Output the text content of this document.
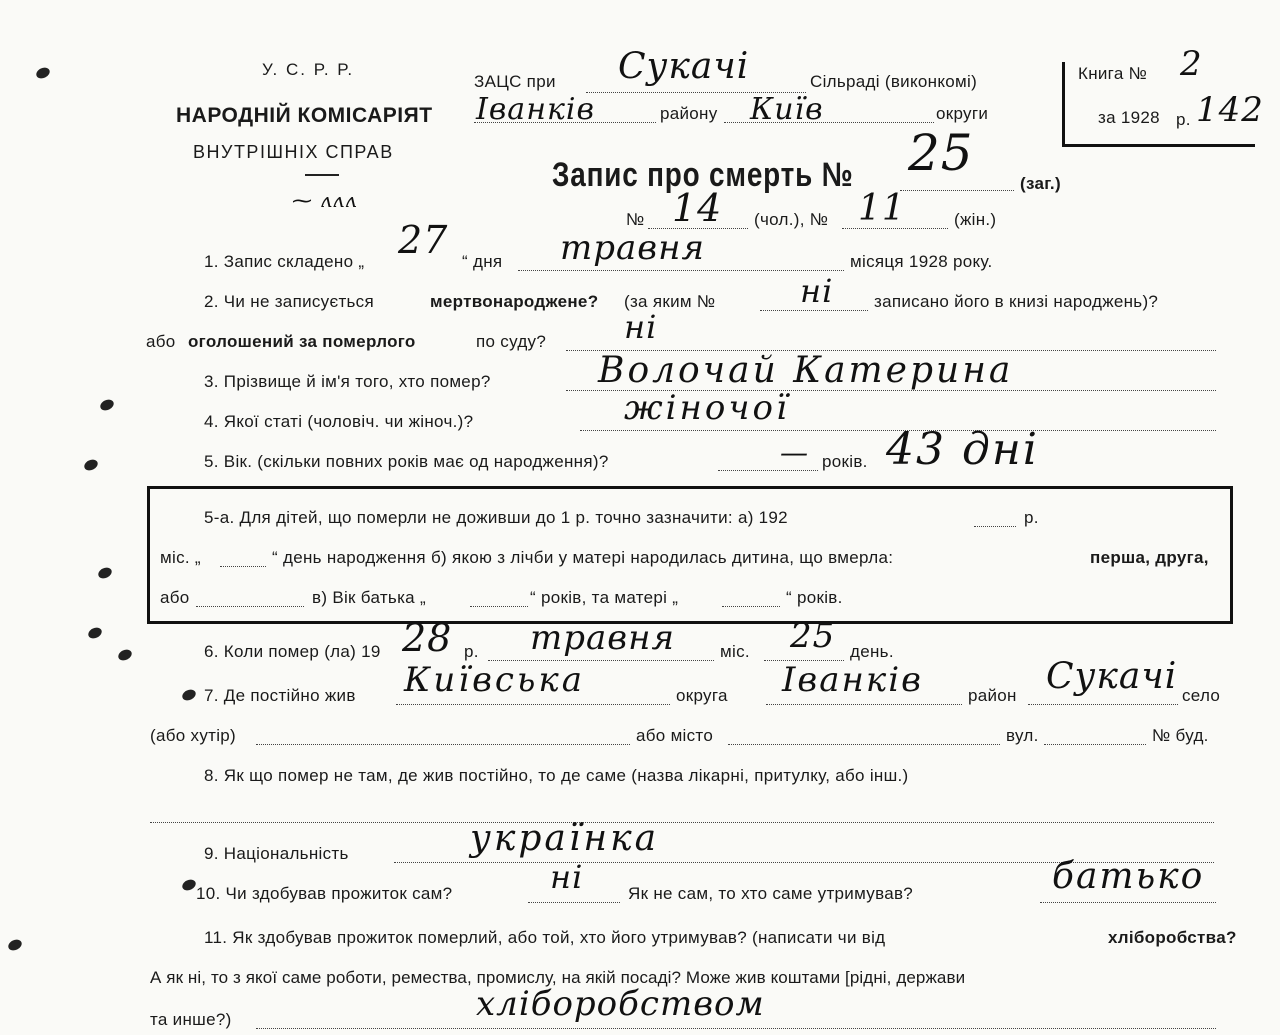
У. С. Р. Р.
НАРОДНІЙ КОМІСАРІЯТ
ВНУТРІШНІХ СПРАВ
⁓ ʌʌʌ
ЗАЦС при Сукачі	Сільраді (виконкомі)
Іванків	району Київ	округи
Книга № 2
за 1928 р. 142
Запис про смерть № 25
(заг.)
№ 14 (чол.), № 11	(жін.)
1. Запис складено „ 27 “ дня травня	місяця 1928 року.
2. Чи не записується	мертвонароджене? (за яким №	ні записано його в книзі народжень)?
або оголошений за померлого	по суду? ні
3. Прізвище й ім'я того, хто помер?	Волочай Катерина
4. Якої статі (чоловіч. чи жіноч.)?	жіночої
5. Вік. (скільки повних років має од народження)?	— років. 43 дні
5-а. Для дітей, що померли не доживши до 1 р. точно зазначити: а) 192	р.
міс. „	“ день народження б) якою з лічби у матері народилась дитина, що вмерла:	перша, друга,
або	в) Вік батька „	“ років, та матері „	“ років.
6. Коли помер (ла) 19 28 р. травня	міс. 25 день.
7. Де постійно жив Київська	округа Іванків	район Сукачі село
(або хутір)	або місто	вул.	№ буд.
8. Як що помер не там, де жив постійно, то де саме (назва лікарні, притулку, або інш.)
9. Національність	українка
10. Чи здобував прожиток сам?	ні	Як не сам, то хто саме утримував?	батько
11. Як здобував прожиток померлий, або той, хто його утримував? (написати чи від	хліборобства?
А як ні, то з якої саме роботи, ремества, промислу, на якій посаді? Може жив коштами [рідні, держави
та инше?)	хліборобством
